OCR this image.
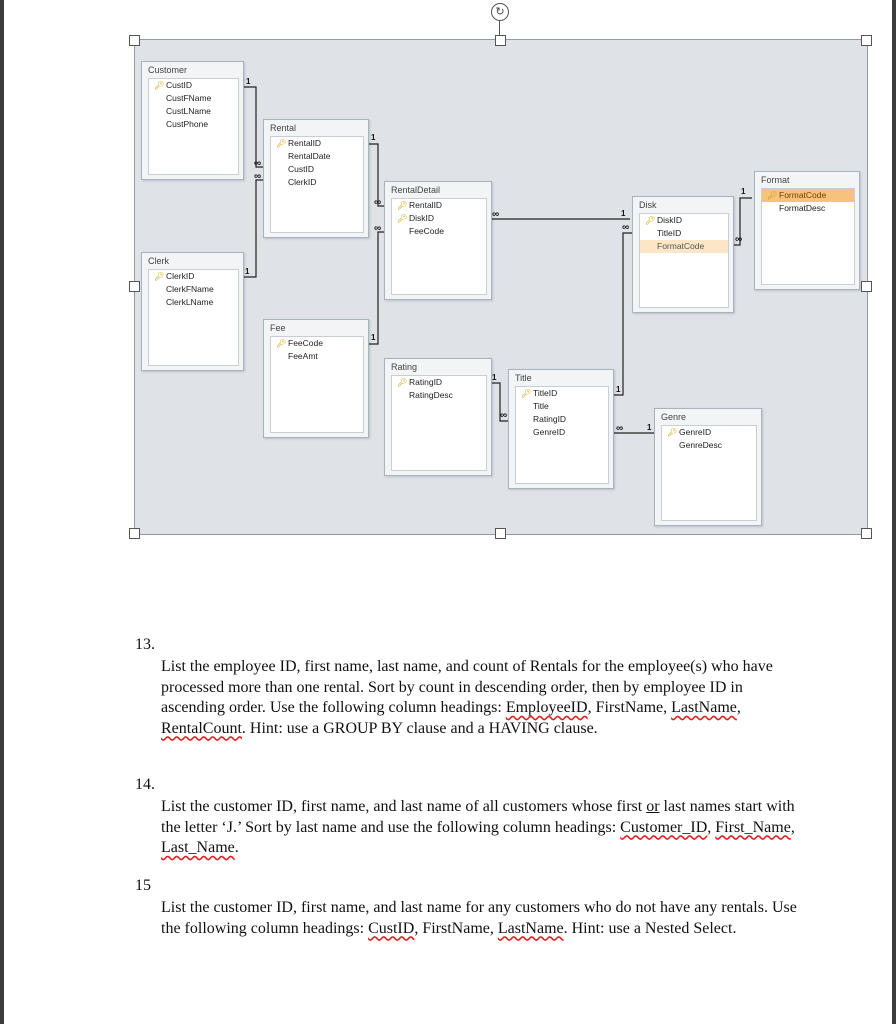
↻
1
1
1
1
1
1
1
1
1
∞
∞
∞
∞
∞
∞
∞
∞
∞
Customer
🔑︎ CustID
CustFName
CustLName
CustPhone	Rental
🔑︎ RentalID
RentalDate
CustID
ClerkID
RentalDetail
🔑︎ RentalID
🔑︎ DiskID
FeeCode
Disk
🔑︎ DiskID
TitleID
FormatCode
Format
🔑︎ FormatCode
FormatDesc
Clerk
🔑︎ ClerkID
ClerkFName
ClerkLName
Fee
🔑︎ FeeCode
FeeAmt
Rating
🔑︎ RatingID
RatingDesc
Title
🔑︎ TitleID
Title
RatingID
GenreID
Genre
🔑︎ GenreID
GenreDesc
13.
List the employee ID, first name, last name, and count of Rentals for the employee(s) who have processed more than one rental. Sort by count in descending order, then by employee ID in ascending order. Use the following column headings: EmployeeID, FirstName, LastName, RentalCount. Hint: use a GROUP BY clause and a HAVING clause.
14.
List the customer ID, first name, and last name of all customers whose first or last names start with the letter ‘J.’ Sort by last name and use the following column headings: Customer_ID, First_Name, Last_Name.
15
List the customer ID, first name, and last name for any customers who do not have any rentals. Use the following column headings: CustID, FirstName, LastName. Hint: use a Nested Select.
